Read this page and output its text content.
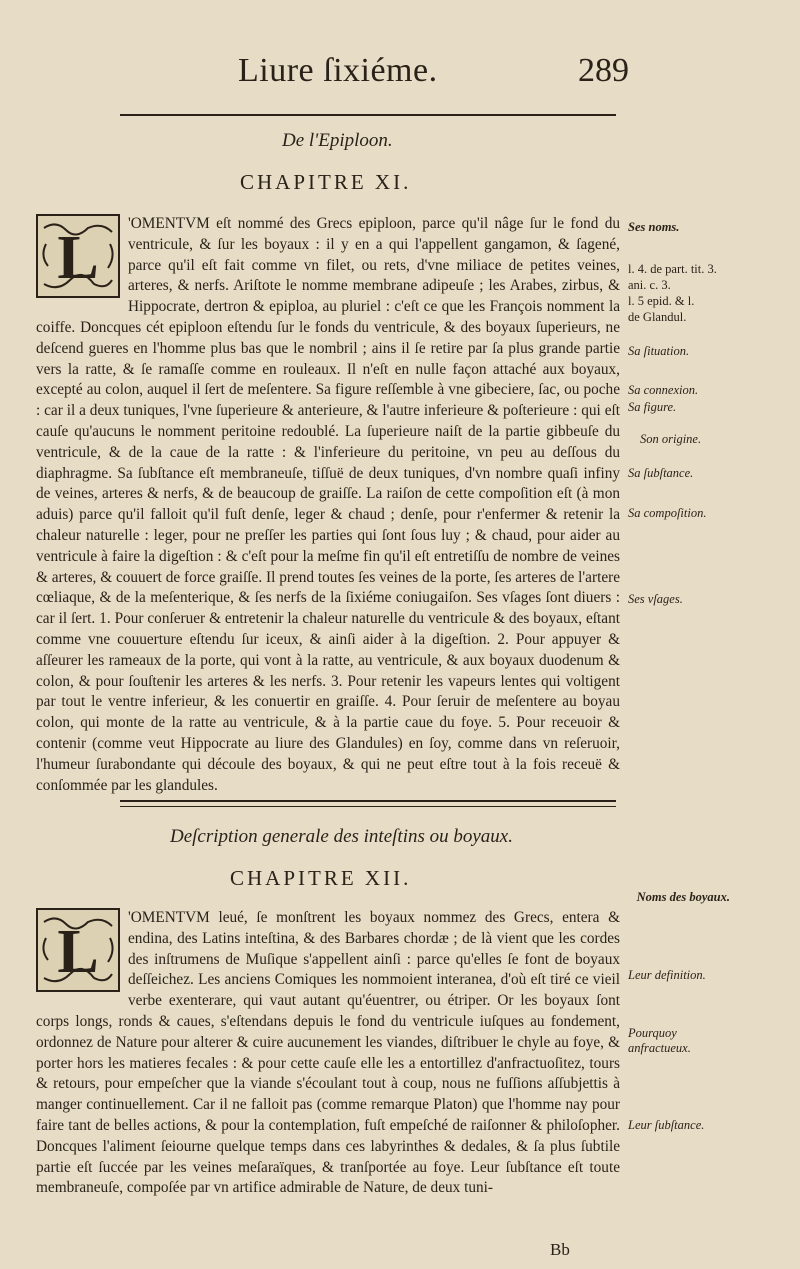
Liure ſixiéme.	289
De l'Epiploon.
CHAPITRE XI.
L

'OMENTVM eſt nommé des Grecs epiploon, parce qu'il nâge ſur le fond du ventricule, & ſur les boyaux : il y en a qui l'appellent gangamon, & ſagené, parce qu'il eſt fait comme vn filet, ou rets, d'vne miliace de petites veines, arteres, & nerfs. Ariſtote le nomme membrane adipeuſe ; les Arabes, zirbus, & Hippocrate, dertron & epiploa, au pluriel : c'eſt ce que les François nomment la coiffe. Doncques cét epiploon eſtendu ſur le fonds du ventricule, & des boyaux ſuperieurs, ne deſcend gueres en l'homme plus bas que le nombril ; ains il ſe retire par ſa plus grande partie vers la ratte, & ſe ramaſſe comme en rouleaux. Il n'eſt en nulle façon attaché aux boyaux, excepté au colon, auquel il ſert de meſentere. Sa figure reſſemble à vne gibeciere, ſac, ou poche : car il a deux tuniques, l'vne ſuperieure & anterieure, & l'autre inferieure & poſterieure : qui eſt cauſe qu'aucuns le nomment peritoine redoublé. La ſuperieure naiſt de la partie gibbeuſe du ventricule, & de la caue de la ratte : & l'inferieure du peritoine, vn peu au deſſous du diaphragme. Sa ſubſtance eſt membraneuſe, tiſſuë de deux tuniques, d'vn nombre quaſi infiny de veines, arteres & nerfs, & de beaucoup de graiſſe. La raiſon de cette compoſition eſt (à mon aduis) parce qu'il falloit qu'il fuſt denſe, leger & chaud ; denſe, pour r'enfermer & retenir la chaleur naturelle : leger, pour ne preſſer les parties qui ſont ſous luy ; & chaud, pour aider au ventricule à faire la digeſtion : & c'eſt pour la meſme fin qu'il eſt entretiſſu de nombre de veines & arteres, & couuert de force graiſſe. Il prend toutes ſes veines de la porte, ſes arteres de l'artere cœliaque, & de la meſenterique, & ſes nerfs de la ſixiéme coniugaiſon. Ses vſages ſont diuers : car il ſert. 1. Pour conſeruer & entretenir la chaleur naturelle du ventricule & des boyaux, eſtant comme vne couuerture eſtendu ſur iceux, & ainſi aider à la digeſtion. 2. Pour appuyer & aſſeurer les rameaux de la porte, qui vont à la ratte, au ventricule, & aux boyaux duodenum & colon, & pour ſouſtenir les arteres & les nerfs. 3. Pour retenir les vapeurs lentes qui voltigent par tout le ventre inferieur, & les conuertir en graiſſe. 4. Pour ſeruir de meſentere au boyau colon, qui monte de la ratte au ventricule, & à la partie caue du foye. 5. Pour receuoir & contenir (comme veut Hippocrate au liure des Glandules) en ſoy, comme dans vn reſeruoir, l'humeur ſurabondante qui découle des boyaux, & qui ne peut eſtre tout à la fois receuë & conſommée par les glandules.

Ses noms.
l. 4. de part. tit. 3.
ani. c. 3.
l. 5 epid. & l.
de Glandul.
Sa ſituation.
Sa connexion.
Sa figure.
Son origine.
Sa ſubſtance.
Sa compoſition.
Ses vſages.
Deſcription generale des inteſtins ou boyaux.
CHAPITRE XII.
L

'OMENTVM leué, ſe monſtrent les boyaux nommez des Grecs, entera & endina, des Latins inteſtina, & des Barbares chordæ ; de là vient que les cordes des inſtrumens de Muſique s'appellent ainſi : parce qu'elles ſe font de boyaux deſſeichez. Les anciens Comiques les nommoient interanea, d'où eſt tiré ce vieil verbe exenterare, qui vaut autant qu'éuentrer, ou étriper. Or les boyaux ſont corps longs, ronds & caues, s'eſtendans depuis le fond du ventricule iuſques au fondement, ordonnez de Nature pour alterer & cuire aucunement les viandes, diſtribuer le chyle au foye, & porter hors les matieres fecales : & pour cette cauſe elle les a entortillez d'anfractuoſitez, tours & retours, pour empeſcher que la viande s'écoulant tout à coup, nous ne fuſſions aſſubjettis à manger continuellement. Car il ne falloit pas (comme remarque Platon) que l'homme nay pour faire tant de belles actions, & pour la contemplation, fuſt empeſché de raiſonner & philoſopher. Doncques l'aliment ſeiourne quelque temps dans ces labyrinthes & dedales, & ſa plus ſubtile partie eſt ſuccée par les veines meſaraïques, & tranſportée au foye. Leur ſubſtance eſt toute membraneuſe, compoſée par vn artifice admirable de Nature, de deux tuni-

Noms des boyaux.
Leur definition.
Pourquoy anfractueux.
Leur ſubſtance.
Bb
